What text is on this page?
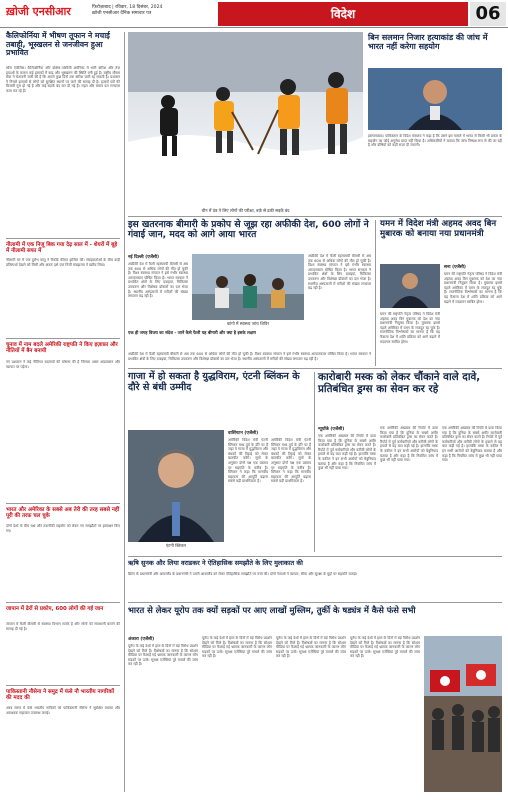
ख़ोजी एनसीआर	फ़िरोज़ाबाद | रविवार, 18 दिसंबर, 2024
ख़ोजी एनसीआर दैनिक समाचार पत्र	विदेश	06
कैलिफोर्निया में भीषण तूफान ने मचाई तबाही, भूस्खलन से जनजीवन हुआ प्रभावित
लॉस एंजेलिस। कैलिफोर्निया और दक्षिण-पश्चिमी अमेरिका में भारी बारिश और तेज़ हवाओं के कारण कई इलाकों में बाढ़ और भूस्खलन की स्थिति बनी हुई है। राष्ट्रीय मौसम सेवा ने चेतावनी जारी की है कि अगले कुछ दिनों तक बारिश जारी रह सकती है। प्रशासन ने निचले इलाकों से लोगों को सुरक्षित स्थानों पर जाने की सलाह दी है। हज़ारों घरों की बिजली गुल हो गई है और कई सड़कें बंद कर दी गई हैं। राहत और बचाव दल लगातार काम कर रहे हैं।
नीलामी में एक निजू बिक गया देढ़ साल में - शेयरों में बूड़े में नीलामी सफा में
नीलामी घर में एक दुर्लभ वस्तु ने रिकॉर्ड कीमत हासिल की। संग्रहकर्ताओं के बीच कड़ी प्रतिस्पर्धा देखने को मिली और अंततः इसे एक निजी संग्रहालय ने खरीद लिया।
चुनाव में नाम बदले अमेरिकी राष्ट्रपति ने किए इज़ाफ़ा और नीतियों में बैन बनायी
नए प्रशासन ने कई नीतिगत बदलावों की घोषणा की है जिनका असर आप्रवासन और व्यापार पर पड़ेगा।
भारत और अमेरिका के सबसे अब तेरी की तरह सबसे नहीं पूरी की तरफ़ चल चुके
दोनों देशों के बीच रक्षा और तकनीकी सहयोग को लेकर नए समझौतों पर हस्ताक्षर किए गए।
जापान में ढेरों से प्रकोप, 600 लोगों की गई जान
जापान में फैली बीमारी से स्वास्थ्य विभाग सतर्क है और लोगों को सावधानी बरतने की सलाह दी गई है।
पाकिस्तानी नौसेना ने समुद्र में फंसे नौ भारतीय नागरिकों की मदद की
अरब सागर में फंसे भारतीय नाविकों को पाकिस्तानी नौसेना ने सुरक्षित बचाया और आवश्यक सहायता उपलब्ध कराई।
चीन में ठंड ने लिए लोगों की परीक्षा, बर्फ़ से ढकी सड़कें बंद
बिन सलमान निजार हत्याकांड की जांच में भारत नहीं करेगा सहयोग
इस्लामाबाद। पाकिस्तान के विदेश मंत्रालय ने कहा है कि उसने इस मामले में भारत से किसी भी प्रकार के सहयोग का कोई अनुरोध प्राप्त नहीं किया है। अधिकारियों ने बताया कि जांच निष्पक्ष रूप से की जा रही है और दोषियों को कड़ी सज़ा दी जाएगी।
इस खतरनाक बीमारी के प्रकोप से जूझ रहा अफीकी देश, 600 लोगों ने गंवाई जान, मदद को आगे आया भारत
कांगो में स्वास्थ्य जांच शिविर
नई दिल्ली (एजेंसी)
अफ्रीकी देश में फैली रहस्यमयी बीमारी से अब तक 600 से अधिक लोगों की मौत हो चुकी है। विश्व स्वास्थ्य संगठन ने इसे गंभीर स्वास्थ्य आपातकाल घोषित किया है। भारत सरकार ने प्रभावित क्षेत्रों के लिए दवाइयां, चिकित्सा उपकरण और विशेषज्ञ डॉक्टरों का दल भेजा है। स्थानीय अस्पतालों में मरीज़ों की संख्या लगातार बढ़ रही है।
अफ्रीकी देश में फैली रहस्यमयी बीमारी से अब तक 600 से अधिक लोगों की मौत हो चुकी है। विश्व स्वास्थ्य संगठन ने इसे गंभीर स्वास्थ्य आपातकाल घोषित किया है। भारत सरकार ने प्रभावित क्षेत्रों के लिए दवाइयां, चिकित्सा उपकरण और विशेषज्ञ डॉक्टरों का दल भेजा है। स्थानीय अस्पतालों में मरीज़ों की संख्या लगातार बढ़ रही है।
एक ही जगह विजय का संदेश - जानें कैसे फैली यह बीमारी और क्या है इसके लक्षण
अफ्रीकी देश में फैली रहस्यमयी बीमारी से अब तक 600 से अधिक लोगों की मौत हो चुकी है। विश्व स्वास्थ्य संगठन ने इसे गंभीर स्वास्थ्य आपातकाल घोषित किया है। भारत सरकार ने प्रभावित क्षेत्रों के लिए दवाइयां, चिकित्सा उपकरण और विशेषज्ञ डॉक्टरों का दल भेजा है। स्थानीय अस्पतालों में मरीज़ों की संख्या लगातार बढ़ रही है।
यमन में विदेश मंत्री अहमद अवद बिन मुबारक को बनाया नया प्रधानमंत्री
सना (एजेंसी)
यमन की राष्ट्रपति नेतृत्व परिषद ने विदेश मंत्री अहमद अवद बिन मुबारक को देश का नया प्रधानमंत्री नियुक्त किया है। मुबारक इससे पहले अमेरिका में यमन के राजदूत रह चुके हैं। राजनीतिक विश्लेषकों का मानना है कि यह फैसला देश में शांति प्रक्रिया को आगे बढ़ाने में मददगार साबित होगा।
यमन की राष्ट्रपति नेतृत्व परिषद ने विदेश मंत्री अहमद अवद बिन मुबारक को देश का नया प्रधानमंत्री नियुक्त किया है। मुबारक इससे पहले अमेरिका में यमन के राजदूत रह चुके हैं। राजनीतिक विश्लेषकों का मानना है कि यह फैसला देश में शांति प्रक्रिया को आगे बढ़ाने में मददगार साबित होगा।
गाजा में हो सकता है युद्धविराम, एंटनी ब्लिंकन के दौरे से बंधी उम्मीद
एंटनी ब्लिंकन
वाशिंगटन (एजेंसी)
अमेरिकी विदेश मंत्री एंटनी ब्लिंकन मध्य-पूर्व के दौरे पर हैं जहां वे गाजा में युद्धविराम और बंधकों की रिहाई को लेकर बातचीत करेंगे। सूत्रों के अनुसार दोनों पक्ष एक प्रस्ताव पर सहमति के करीब हैं। ब्लिंकन ने कहा कि मानवीय सहायता की आपूर्ति बढ़ाना सबसे बड़ी प्राथमिकता है।
अमेरिकी विदेश मंत्री एंटनी ब्लिंकन मध्य-पूर्व के दौरे पर हैं जहां वे गाजा में युद्धविराम और बंधकों की रिहाई को लेकर बातचीत करेंगे। सूत्रों के अनुसार दोनों पक्ष एक प्रस्ताव पर सहमति के करीब हैं। ब्लिंकन ने कहा कि मानवीय सहायता की आपूर्ति बढ़ाना सबसे बड़ी प्राथमिकता है।
कारोबारी मस्क को लेकर चौंकाने वाले दावे, प्रतिबंधित ड्रग्स का सेवन कर रहे
न्यूयॉर्क (एजेंसी)
एक अमेरिकी अखबार की रिपोर्ट में दावा किया गया है कि दुनिया के सबसे अमीर कारोबारी प्रतिबंधित ड्रग्स का सेवन करते हैं। रिपोर्ट में पूर्व कर्मचारियों और करीबी लोगों के हवाले से यह बात कही गई है। हालांकि मस्क के वकील ने इन सभी आरोपों को बेबुनियाद बताया है और कहा है कि नियमित जांच में कुछ भी नहीं पाया गया।
एक अमेरिकी अखबार की रिपोर्ट में दावा किया गया है कि दुनिया के सबसे अमीर कारोबारी प्रतिबंधित ड्रग्स का सेवन करते हैं। रिपोर्ट में पूर्व कर्मचारियों और करीबी लोगों के हवाले से यह बात कही गई है। हालांकि मस्क के वकील ने इन सभी आरोपों को बेबुनियाद बताया है और कहा है कि नियमित जांच में कुछ भी नहीं पाया गया।
एक अमेरिकी अखबार की रिपोर्ट में दावा किया गया है कि दुनिया के सबसे अमीर कारोबारी प्रतिबंधित ड्रग्स का सेवन करते हैं। रिपोर्ट में पूर्व कर्मचारियों और करीबी लोगों के हवाले से यह बात कही गई है। हालांकि मस्क के वकील ने इन सभी आरोपों को बेबुनियाद बताया है और कहा है कि नियमित जांच में कुछ भी नहीं पाया गया।
ऋषि सुनक और लिया वराडकर ने ऐतिहासिक समझौते के लिए मुलाकात की
ब्रिटेन के प्रधानमंत्री और आयरलैंड के प्रधानमंत्री ने उत्तरी आयरलैंड को लेकर ऐतिहासिक समझौते पर चर्चा की। दोनों नेताओं ने व्यापार, सीमा और सुरक्षा के मुद्दों पर सहमति जताई।
भारत से लेकर यूरोप तक क्यों सड़कों पर आए लाखों मुस्लिम, तुर्की के षड्यंत्र में कैसे फंसे सभी
अंकारा (एजेंसी)
यूरोप के कई देशों में हाल के दिनों में बड़े विरोध प्रदर्शन देखने को मिले हैं। विशेषज्ञों का मानना है कि सोशल मीडिया पर फैलाई गई भ्रामक जानकारी के कारण लोग सड़कों पर उतरे। सुरक्षा एजेंसियां पूरे मामले की जांच कर रही हैं।
यूरोप के कई देशों में हाल के दिनों में बड़े विरोध प्रदर्शन देखने को मिले हैं। विशेषज्ञों का मानना है कि सोशल मीडिया पर फैलाई गई भ्रामक जानकारी के कारण लोग सड़कों पर उतरे। सुरक्षा एजेंसियां पूरे मामले की जांच कर रही हैं।
यूरोप के कई देशों में हाल के दिनों में बड़े विरोध प्रदर्शन देखने को मिले हैं। विशेषज्ञों का मानना है कि सोशल मीडिया पर फैलाई गई भ्रामक जानकारी के कारण लोग सड़कों पर उतरे। सुरक्षा एजेंसियां पूरे मामले की जांच कर रही हैं।
यूरोप के कई देशों में हाल के दिनों में बड़े विरोध प्रदर्शन देखने को मिले हैं। विशेषज्ञों का मानना है कि सोशल मीडिया पर फैलाई गई भ्रामक जानकारी के कारण लोग सड़कों पर उतरे। सुरक्षा एजेंसियां पूरे मामले की जांच कर रही हैं।
